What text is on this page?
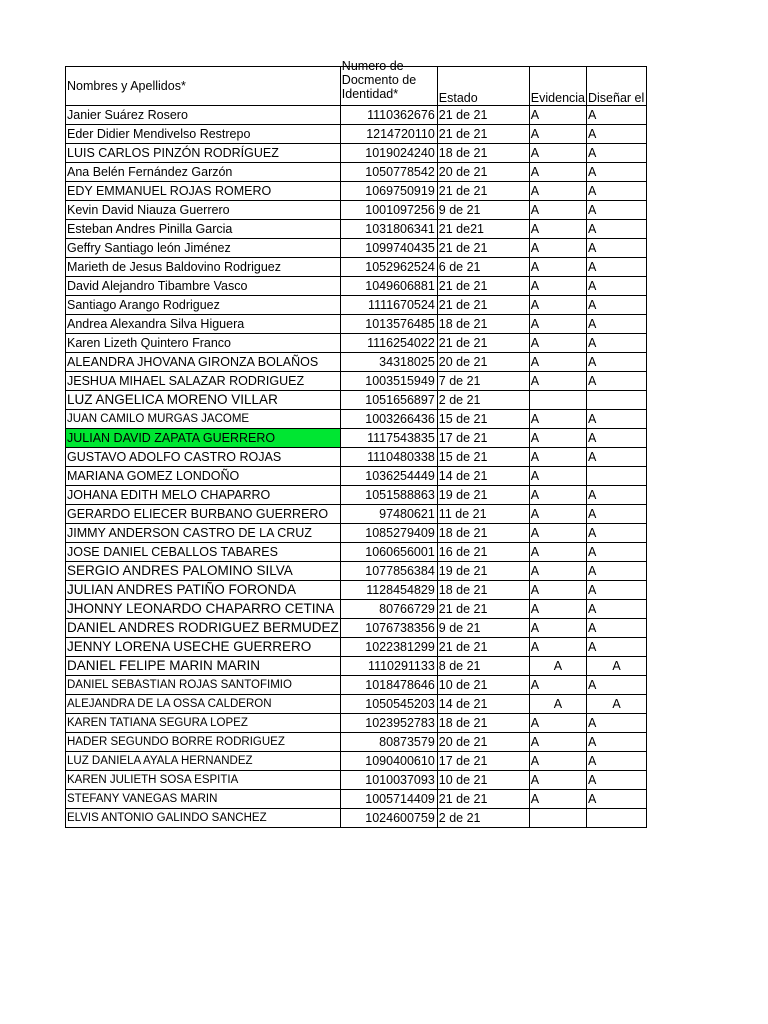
Nombres y Apellidos*	Numero de
Docmento de
Identidad*	Estado	Evidencia	Diseñar el
Janier Suárez Rosero	1110362676	21 de 21	A	A
Eder Didier Mendivelso Restrepo	1214720110	21 de 21	A	A
LUIS CARLOS PINZÓN RODRÍGUEZ	1019024240	18 de 21	A	A
Ana Belén Fernández Garzón	1050778542	20 de 21	A	A
EDY EMMANUEL ROJAS ROMERO	1069750919	21 de 21	A	A
Kevin David Niauza Guerrero	1001097256	9 de 21	A	A
Esteban Andres Pinilla Garcia	1031806341	21 de21	A	A
Geffry Santiago león Jiménez	1099740435	21 de 21	A	A
Marieth de Jesus Baldovino Rodriguez	1052962524	6 de 21	A	A
David Alejandro Tibambre Vasco	1049606881	21 de 21	A	A
Santiago Arango Rodriguez	1111670524	21 de 21	A	A
Andrea Alexandra Silva Higuera	1013576485	18 de 21	A	A
Karen Lizeth Quintero Franco	1116254022	21 de 21	A	A
ALEANDRA JHOVANA GIRONZA BOLAÑOS	34318025	20 de 21	A	A
JESHUA MIHAEL SALAZAR RODRIGUEZ	1003515949	7 de 21	A	A
LUZ ANGELICA MORENO VILLAR	1051656897	2 de 21		
JUAN CAMILO MURGAS JACOME	1003266436	15 de 21	A	A
JULIAN DAVID ZAPATA GUERRERO	1117543835	17 de 21	A	A
GUSTAVO ADOLFO CASTRO ROJAS	1110480338	15 de 21	A	A
MARIANA GOMEZ LONDOÑO	1036254449	14 de 21	A	
JOHANA EDITH MELO CHAPARRO	1051588863	19 de 21	A	A
GERARDO ELIECER BURBANO GUERRERO	97480621	11 de 21	A	A
JIMMY ANDERSON CASTRO DE LA CRUZ	1085279409	18 de 21	A	A
JOSE DANIEL CEBALLOS TABARES	1060656001	16 de 21	A	A
SERGIO ANDRES PALOMINO SILVA	1077856384	19 de 21	A	A
JULIAN ANDRES PATIÑO FORONDA	1128454829	18 de 21	A	A
JHONNY LEONARDO CHAPARRO CETINA	80766729	21 de 21	A	A
DANIEL ANDRES RODRIGUEZ BERMUDEZ	1076738356	9 de 21	A	A
JENNY LORENA USECHE GUERRERO	1022381299	21 de 21	A	A
DANIEL FELIPE MARIN MARIN	1110291133	8 de 21	A	A
DANIEL SEBASTIAN ROJAS SANTOFIMIO	1018478646	10 de 21	A	A
ALEJANDRA DE LA OSSA CALDERON	1050545203	14 de 21	A	A
KAREN TATIANA SEGURA LOPEZ	1023952783	18 de 21	A	A
HADER SEGUNDO BORRE RODRIGUEZ	80873579	20 de 21	A	A
LUZ DANIELA AYALA HERNANDEZ	1090400610	17 de 21	A	A
KAREN JULIETH SOSA ESPITIA	1010037093	10 de 21	A	A
STEFANY VANEGAS MARIN	1005714409	21 de 21	A	A
ELVIS ANTONIO GALINDO SANCHEZ	1024600759	2 de 21		
